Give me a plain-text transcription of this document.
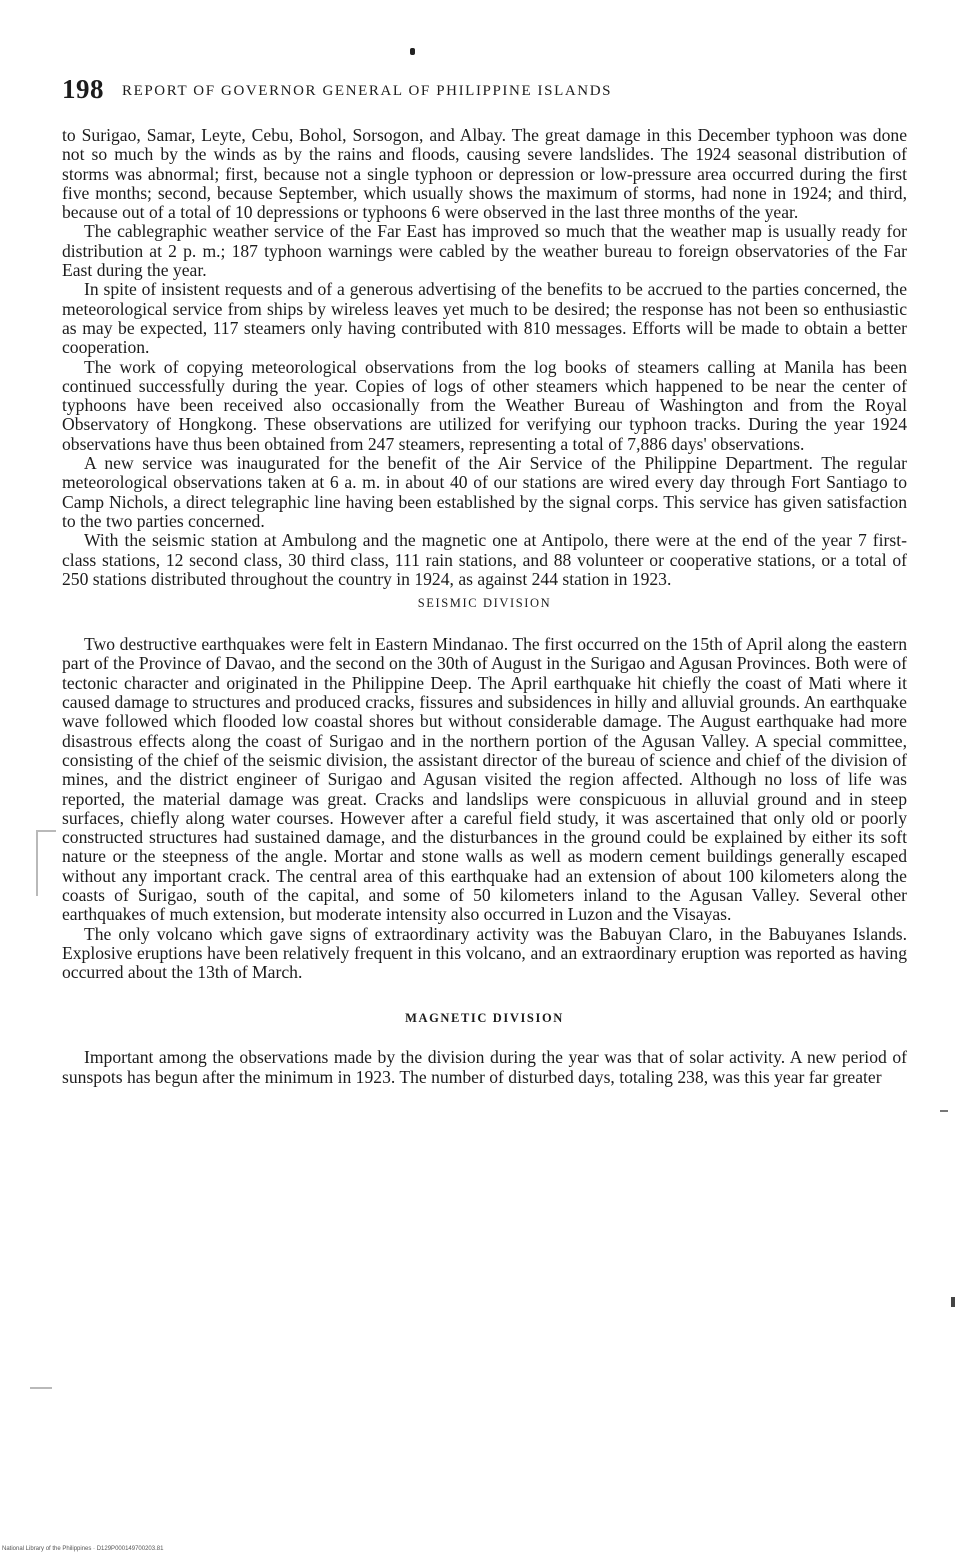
198 REPORT OF GOVERNOR GENERAL OF PHILIPPINE ISLANDS

to Surigao, Samar, Leyte, Cebu, Bohol, Sorsogon, and Albay. The great damage in this December typhoon was done not so much by the winds as by the rains and floods, causing severe landslides. The 1924 seasonal distribution of storms was abnormal; first, because not a single typhoon or depression or low-pressure area occurred during the first five months; second, because September, which usually shows the maximum of storms, had none in 1924; and third, because out of a total of 10 depressions or typhoons 6 were observed in the last three months of the year.

The cablegraphic weather service of the Far East has improved so much that the weather map is usually ready for distribution at 2 p. m.; 187 typhoon warnings were cabled by the weather bureau to foreign observatories of the Far East during the year.

In spite of insistent requests and of a generous advertising of the benefits to be accrued to the parties concerned, the meteorological service from ships by wireless leaves yet much to be desired; the response has not been so enthusiastic as may be expected, 117 steamers only having contributed with 810 messages. Efforts will be made to obtain a better cooperation.

The work of copying meteorological observations from the log books of steamers calling at Manila has been continued successfully during the year. Copies of logs of other steamers which happened to be near the center of typhoons have been received also occasionally from the Weather Bureau of Washington and from the Royal Observatory of Hongkong. These observations are utilized for verifying our typhoon tracks. During the year 1924 observations have thus been obtained from 247 steamers, representing a total of 7,886 days' observations.

A new service was inaugurated for the benefit of the Air Service of the Philippine Department. The regular meteorological observations taken at 6 a. m. in about 40 of our stations are wired every day through Fort Santiago to Camp Nichols, a direct telegraphic line having been established by the signal corps. This service has given satisfaction to the two parties concerned.

With the seismic station at Ambulong and the magnetic one at Antipolo, there were at the end of the year 7 first-class stations, 12 second class, 30 third class, 111 rain stations, and 88 volunteer or cooperative stations, or a total of 250 stations distributed throughout the country in 1924, as against 244 station in 1923.

SEISMIC DIVISION

Two destructive earthquakes were felt in Eastern Mindanao. The first occurred on the 15th of April along the eastern part of the Province of Davao, and the second on the 30th of August in the Surigao and Agusan Provinces. Both were of tectonic character and originated in the Philippine Deep. The April earthquake hit chiefly the coast of Mati where it caused damage to structures and produced cracks, fissures and subsidences in hilly and alluvial grounds. An earthquake wave followed which flooded low coastal shores but without considerable damage. The August earthquake had more disastrous effects along the coast of Surigao and in the northern portion of the Agusan Valley. A special committee, consisting of the chief of the seismic division, the assistant director of the bureau of science and chief of the division of mines, and the district engineer of Surigao and Agusan visited the region affected. Although no loss of life was reported, the material damage was great. Cracks and landslips were conspicuous in alluvial ground and in steep surfaces, chiefly along water courses. However after a careful field study, it was ascertained that only old or poorly constructed structures had sustained damage, and the disturbances in the ground could be explained by either its soft nature or the steepness of the angle. Mortar and stone walls as well as modern cement buildings generally escaped without any important crack. The central area of this earthquake had an extension of about 100 kilometers along the coasts of Surigao, south of the capital, and some of 50 kilometers inland to the Agusan Valley. Several other earthquakes of much extension, but moderate intensity also occurred in Luzon and the Visayas.

The only volcano which gave signs of extraordinary activity was the Babuyan Claro, in the Babuyanes Islands. Explosive eruptions have been relatively frequent in this volcano, and an extraordinary eruption was reported as having occurred about the 13th of March.

MAGNETIC DIVISION

Important among the observations made by the division during the year was that of solar activity. A new period of sunspots has begun after the minimum in 1923. The number of disturbed days, totaling 238, was this year far greater

National Library of the Philippines · D129P000149700203.81
